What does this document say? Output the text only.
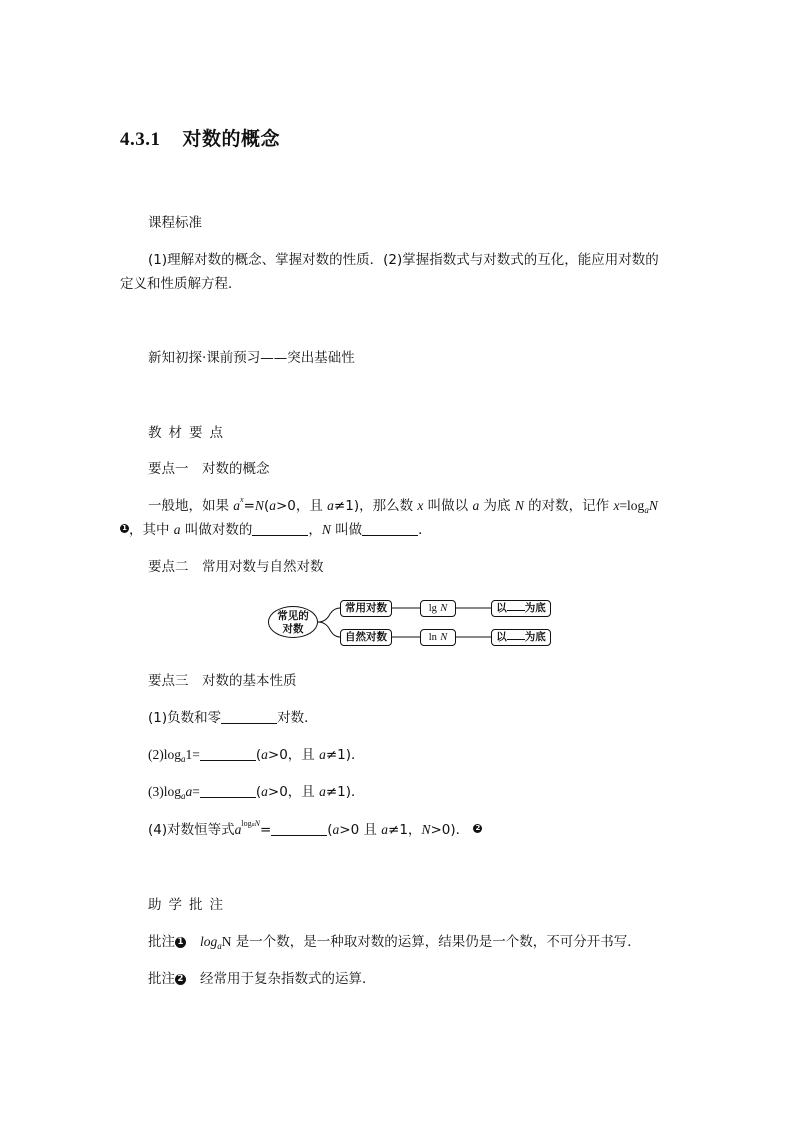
4.3.1 对数的概念
课程标准
(1)理解对数的概念、掌握对数的性质．(2)掌握指数式与对数式的互化，能应用对数的
定义和性质解方程．
新知初探·课前预习——突出基础性
教材要点
要点一　对数的概念
一般地，如果 $a^x=N(a>0$，且 a≠1)，那么数 x 叫做以 a 为底 N 的对数，记作 $x=\log_aN$
1 ，其中 a 叫做对数的	，N 叫做	．
要点二　常用对数与自然对数
常见的
对数
常用对数	lg N	以 为底
自然对数	ln N	以 为底
要点三　对数的基本性质
(1)负数和零	对数．
$(2)\log_a1=$	(a>0，且 a≠1)．
$(3)\log_aa=$	(a>0，且 a≠1)．
(4)对数恒等式$a^{logaN}=$	(a>0 且 a≠1，N>0)． 2
助学批注
批注 1 $\log_aN$ 是一个数，是一种取对数的运算，结果仍是一个数，不可分开书写．
批注 2 经常用于复杂指数式的运算．
